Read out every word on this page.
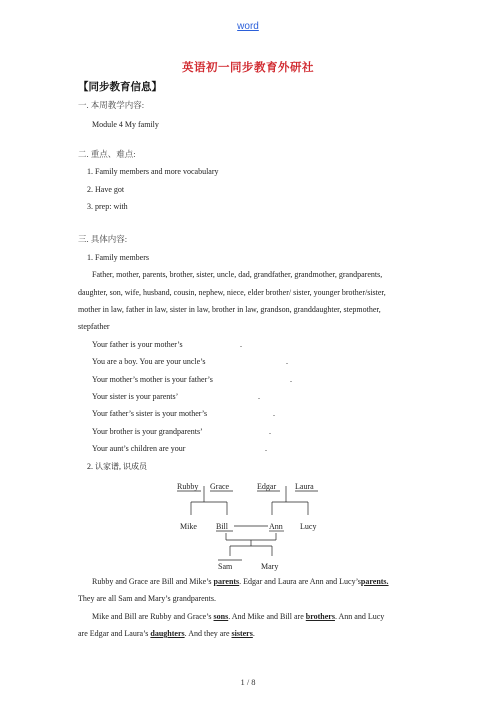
word
英语初一同步教育外研社
【同步教育信息】
一. 本周教学内容:
Module 4 My family
二. 重点、难点:
1. Family members and more vocabulary
2. Have got
3. prep: with
三. 具体内容:
1. Family members
Father, mother, parents, brother, sister, uncle, dad, grandfather, grandmother, grandparents,
daughter, son, wife, husband, cousin, nephew, niece, elder brother/ sister, younger brother/sister,
mother in law, father in law, sister in law, brother in law, grandson, granddaughter, stepmother,
stepfather
Your father is your mother’s
You are a boy. You are your uncle’s
Your mother’s mother is your father’s
Your sister is your parents’
Your father’s sister is your mother’s
Your brother is your grandparents’
Your aunt’s children are your
.
.
.
.
.
.
.
2. 认家谱, 识成员
Rubby Grace	Edgar Laura
Mike Bill	Ann Lucy
Sam	Mary
Rubby and Grace are Bill and Mike’s parents. Edgar and Laura are Ann and Lucy’sparents.
They are all Sam and Mary’s grandparents.
Mike and Bill are Rubby and Grace’s sons. And Mike and Bill are brothers. Ann and Lucy
are Edgar and Laura’s daughters. And they are sisters.
1 / 8
